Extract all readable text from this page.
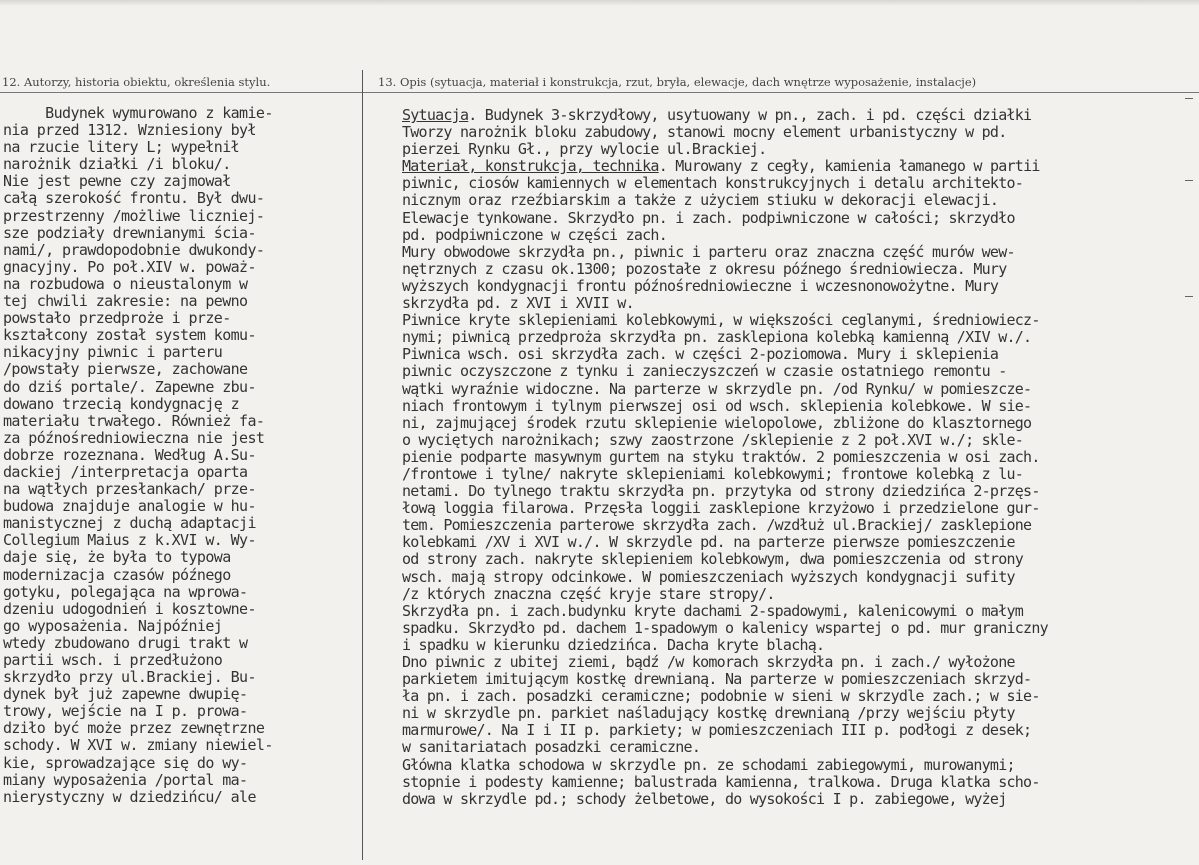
12. Autorzy, historia obiektu, określenia stylu.	13. Opis (sytuacja, materiał i konstrukcja, rzut, bryła, elewacje, dach wnętrze wyposażenie, instalacje)
Budynek wymurowano z kamie-
nia przed 1312. Wzniesiony był
na rzucie litery L; wypełnił
narożnik działki /i bloku/.
Nie jest pewne czy zajmował
całą szerokość frontu. Był dwu-
przestrzenny /możliwe liczniej-
sze podziały drewnianymi ścia-
nami/, prawdopodobnie dwukondy-
gnacyjny. Po poł.XIV w. poważ-
na rozbudowa o nieustalonym w
tej chwili zakresie: na pewno
powstało przedproże i prze-
kształcony został system komu-
nikacyjny piwnic i parteru
/powstały pierwsze, zachowane
do dziś portale/. Zapewne zbu-
dowano trzecią kondygnację z
materiału trwałego. Również fa-
za późnośredniowieczna nie jest
dobrze rozeznana. Według A.Su-
dackiej /interpretacja oparta
na wątłych przesłankach/ prze-
budowa znajduje analogie w hu-
manistycznej z duchą adaptacji
Collegium Maius z k.XVI w. Wy-
daje się, że była to typowa
modernizacja czasów późnego
gotyku, polegająca na wprowa-
dzeniu udogodnień i kosztowne-
go wyposażenia. Najpóźniej
wtedy zbudowano drugi trakt w
partii wsch. i przedłużono
skrzydło przy ul.Brackiej. Bu-
dynek był już zapewne dwupię-
trowy, wejście na I p. prowa-
dziło być może przez zewnętrzne
schody. W XVI w. zmiany niewiel-
kie, sprowadzające się do wy-
miany wyposażenia /portal ma-
nierystyczny w dziedzińcu/ ale
Sytuacja. Budynek 3-skrzydłowy, usytuowany w pn., zach. i pd. części działki
Tworzy narożnik bloku zabudowy, stanowi mocny element urbanistyczny w pd.
pierzei Rynku Gł., przy wylocie ul.Brackiej.
Materiał, konstrukcja, technika. Murowany z cegły, kamienia łamanego w partii
piwnic, ciosów kamiennych w elementach konstrukcyjnych i detalu architekto-
nicznym oraz rzeźbiarskim a także z użyciem stiuku w dekoracji elewacji.
Elewacje tynkowane. Skrzydło pn. i zach. podpiwniczone w całości; skrzydło
pd. podpiwniczone w części zach.
Mury obwodowe skrzydła pn., piwnic i parteru oraz znaczna część murów wew-
nętrznych z czasu ok.1300; pozostałe z okresu późnego średniowiecza. Mury
wyższych kondygnacji frontu późnośredniowieczne i wczesnonowożytne. Mury
skrzydła pd. z XVI i XVII w.
Piwnice kryte sklepieniami kolebkowymi, w większości ceglanymi, średniowiecz-
nymi; piwnicą przedproża skrzydła pn. zasklepiona kolebką kamienną /XIV w./.
Piwnica wsch. osi skrzydła zach. w części 2-poziomowa. Mury i sklepienia
piwnic oczyszczone z tynku i zanieczyszczeń w czasie ostatniego remontu -
wątki wyraźnie widoczne. Na parterze w skrzydle pn. /od Rynku/ w pomieszcze-
niach frontowym i tylnym pierwszej osi od wsch. sklepienia kolebkowe. W sie-
ni, zajmującej środek rzutu sklepienie wielopolowe, zbliżone do klasztornego
o wyciętych narożnikach; szwy zaostrzone /sklepienie z 2 poł.XVI w./; skle-
pienie podparte masywnym gurtem na styku traktów. 2 pomieszczenia w osi zach.
/frontowe i tylne/ nakryte sklepieniami kolebkowymi; frontowe kolebką z lu-
netami. Do tylnego traktu skrzydła pn. przytyka od strony dziedzińca 2-przęs-
łową loggia filarowa. Przęsła loggii zasklepione krzyżowo i przedzielone gur-
tem. Pomieszczenia parterowe skrzydła zach. /wzdłuż ul.Brackiej/ zasklepione
kolebkami /XV i XVI w./. W skrzydle pd. na parterze pierwsze pomieszczenie
od strony zach. nakryte sklepieniem kolebkowym, dwa pomieszczenia od strony
wsch. mają stropy odcinkowe. W pomieszczeniach wyższych kondygnacji sufity
/z których znaczna część kryje stare stropy/.
Skrzydła pn. i zach.budynku kryte dachami 2-spadowymi, kalenicowymi o małym
spadku. Skrzydło pd. dachem 1-spadowym o kalenicy wspartej o pd. mur graniczny
i spadku w kierunku dziedzińca. Dacha kryte blachą.
Dno piwnic z ubitej ziemi, bądź /w komorach skrzydła pn. i zach./ wyłożone
parkietem imitującym kostkę drewnianą. Na parterze w pomieszczeniach skrzyd-
ła pn. i zach. posadzki ceramiczne; podobnie w sieni w skrzydle zach.; w sie-
ni w skrzydle pn. parkiet naśladujący kostkę drewnianą /przy wejściu płyty
marmurowe/. Na I i II p. parkiety; w pomieszczeniach III p. podłogi z desek;
w sanitariatach posadzki ceramiczne.
Główna klatka schodowa w skrzydle pn. ze schodami zabiegowymi, murowanymi;
stopnie i podesty kamienne; balustrada kamienna, tralkowa. Druga klatka scho-
dowa w skrzydle pd.; schody żelbetowe, do wysokości I p. zabiegowe, wyżej
